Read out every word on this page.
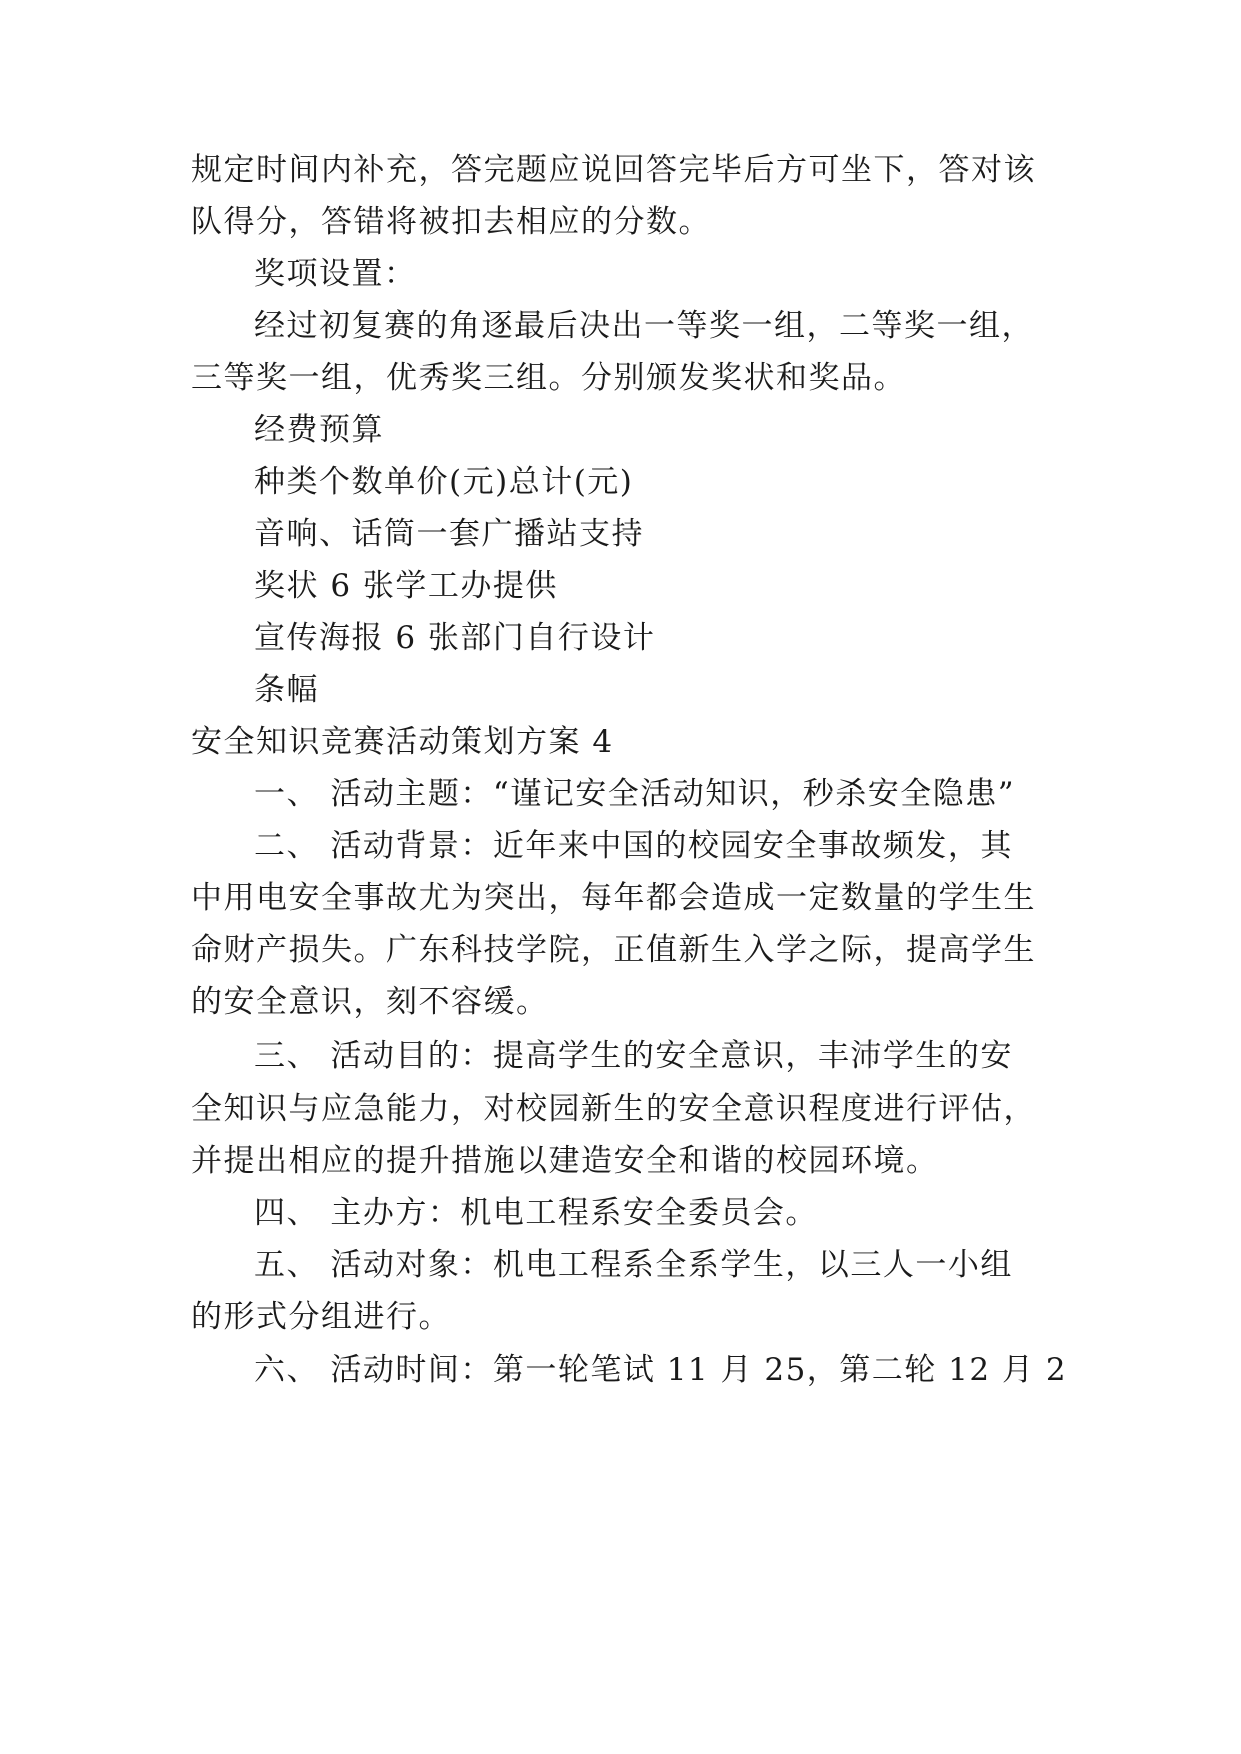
规定时间内补充，答完题应说回答完毕后方可坐下，答对该
队得分，答错将被扣去相应的分数。
奖项设置：
经过初复赛的角逐最后决出一等奖一组，二等奖一组，
三等奖一组，优秀奖三组。分别颁发奖状和奖品。
经费预算
种类个数单价(元)总计(元)
音响、话筒一套广播站支持
奖状 6 张学工办提供
宣传海报 6 张部门自行设计
条幅
安全知识竞赛活动策划方案 4
一、 活动主题：“谨记安全活动知识，秒杀安全隐患”
二、 活动背景：近年来中国的校园安全事故频发，其
中用电安全事故尤为突出，每年都会造成一定数量的学生生
命财产损失。广东科技学院，正值新生入学之际，提高学生
的安全意识，刻不容缓。
三、 活动目的：提高学生的安全意识，丰沛学生的安
全知识与应急能力，对校园新生的安全意识程度进行评估，
并提出相应的提升措施以建造安全和谐的校园环境。
四、 主办方：机电工程系安全委员会。
五、 活动对象：机电工程系全系学生，以三人一小组
的形式分组进行。
六、 活动时间：第一轮笔试 11 月 25，第二轮 12 月 2
